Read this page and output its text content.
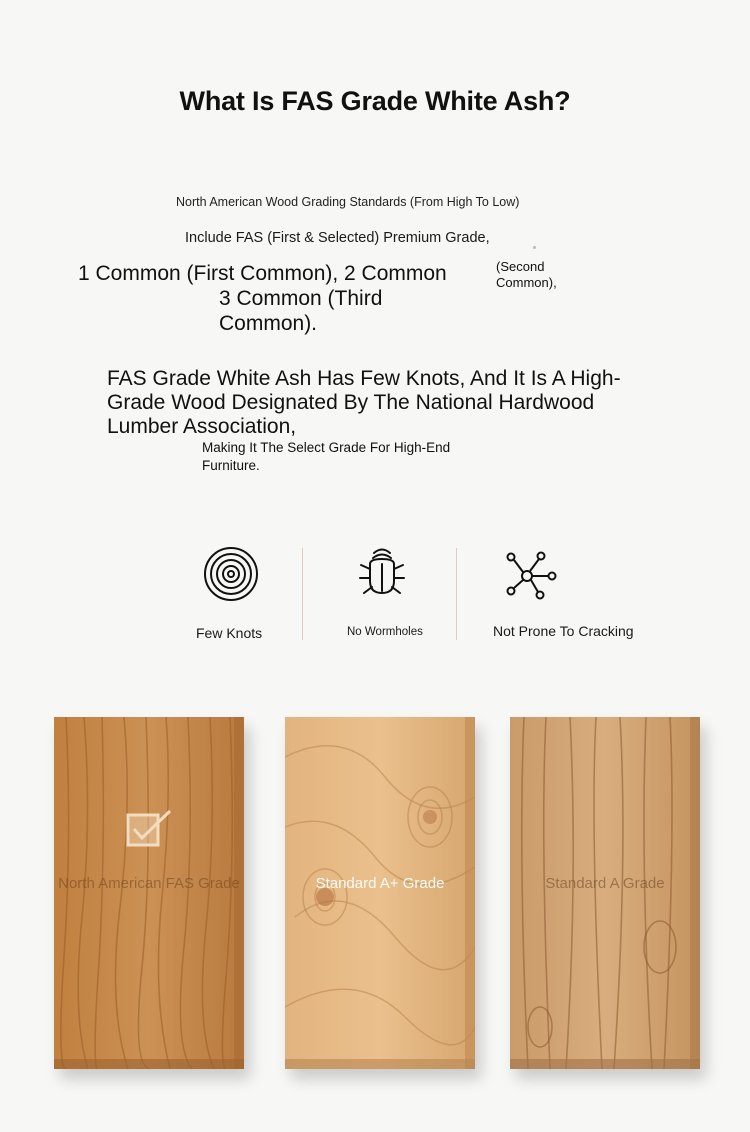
What Is FAS Grade White Ash?
North American Wood Grading Standards (From High To Low)
Include FAS (First & Selected) Premium Grade,
1 Common (First Common), 2 Common	(Second Common),
3 Common (Third Common).
FAS Grade White Ash Has Few Knots, And It Is A High-Grade Wood Designated By The National Hardwood Lumber Association,
Making It The Select Grade For High-End Furniture.
Few Knots	No Wormholes	Not Prone To Cracking
North American FAS Grade	Standard A+ Grade	Standard A Grade
